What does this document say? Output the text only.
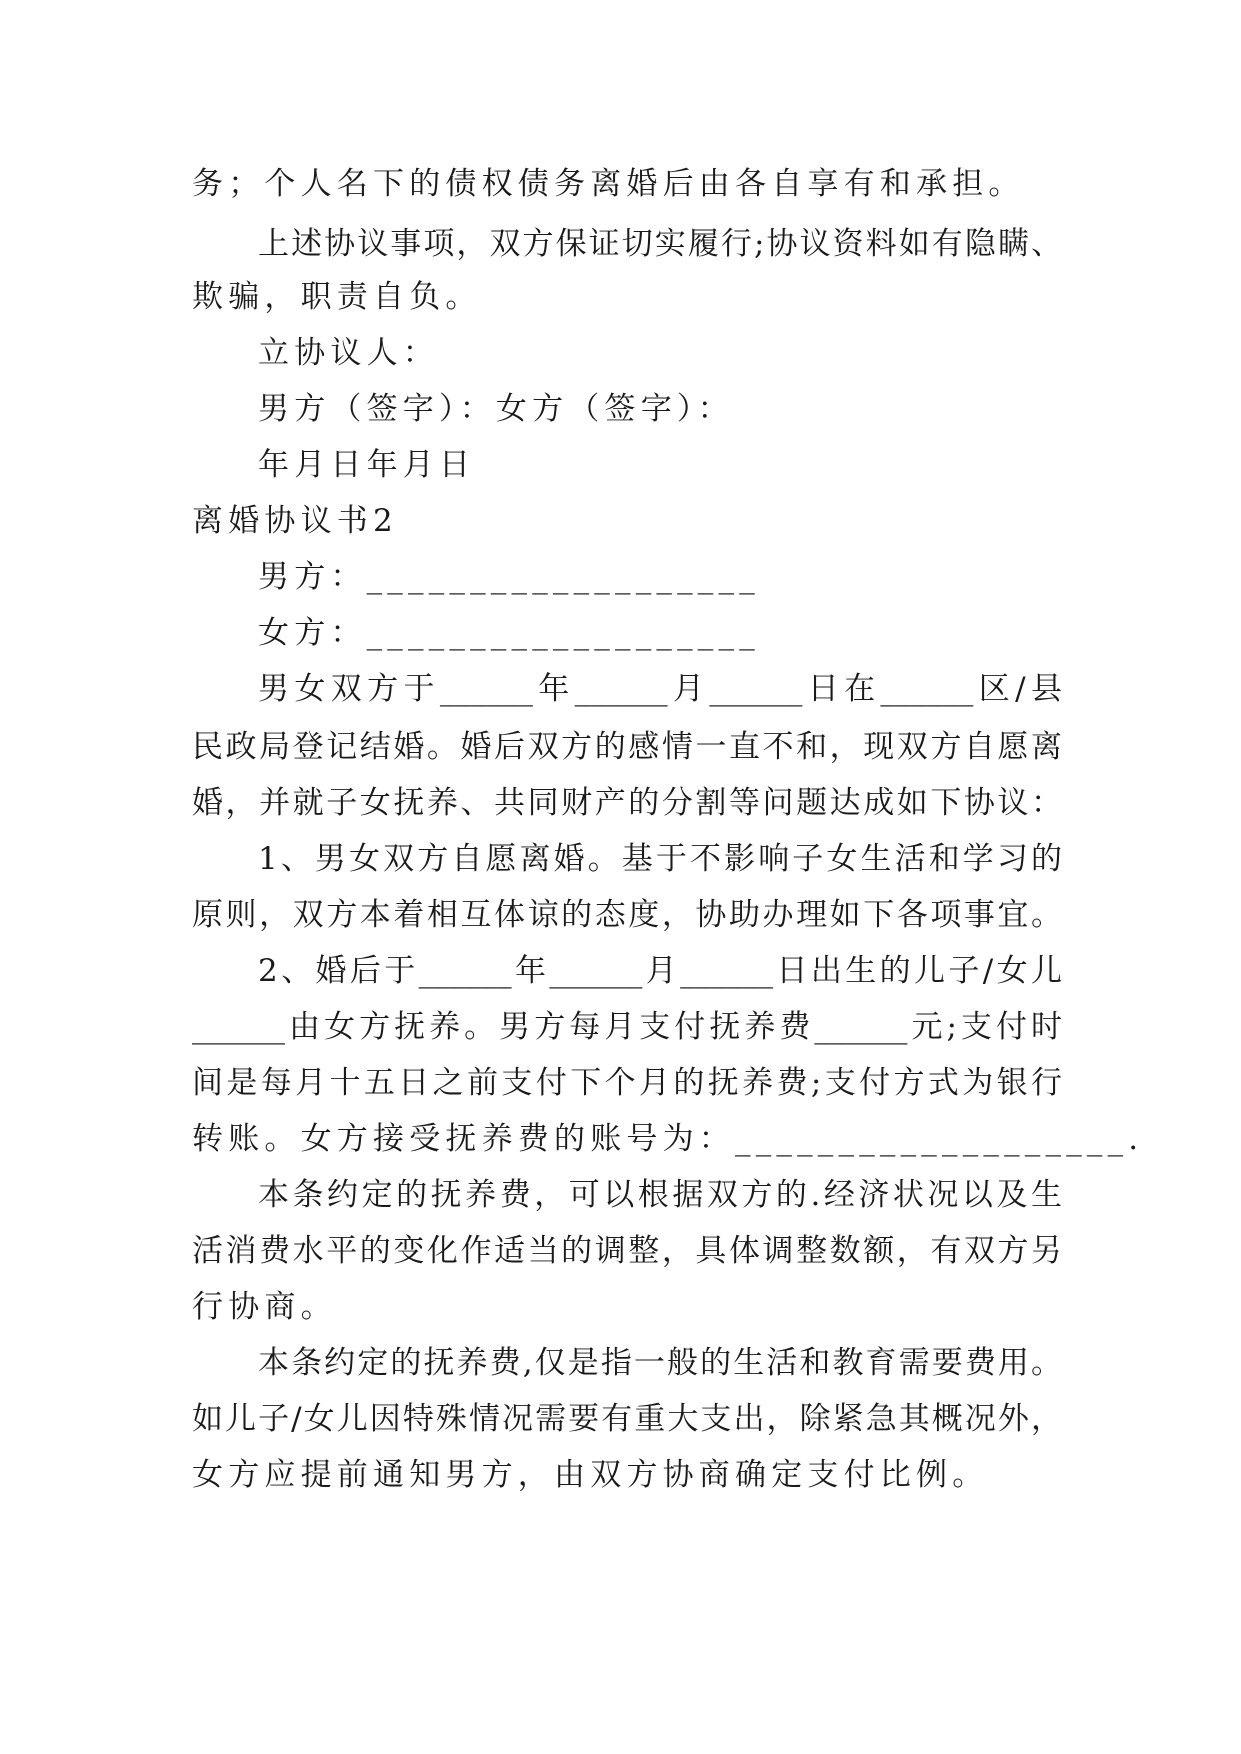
务；个人名下的债权债务离婚后由各自享有和承担。
上述协议事项，双方保证切实履行;协议资料如有隐瞒、
欺骗，职责自负。
立协议人：
男方（签字）：女方（签字）：
年月日年月日
离婚协议书2
男方：___________________
女方：___________________
男女双方于______年______月______日在______区/县
民政局登记结婚。婚后双方的感情一直不和，现双方自愿离
婚，并就子女抚养、共同财产的分割等问题达成如下协议：
1、男女双方自愿离婚。基于不影响子女生活和学习的
原则，双方本着相互体谅的态度，协助办理如下各项事宜。
2、婚后于______年______月______日出生的儿子/女儿
______由女方抚养。男方每月支付抚养费______元;支付时
间是每月十五日之前支付下个月的抚养费;支付方式为银行
转账。女方接受抚养费的账号为：___________________.
本条约定的抚养费，可以根据双方的.经济状况以及生
活消费水平的变化作适当的调整，具体调整数额，有双方另
行协商。
本条约定的抚养费,仅是指一般的生活和教育需要费用。
如儿子/女儿因特殊情况需要有重大支出，除紧急其概况外，
女方应提前通知男方，由双方协商确定支付比例。
